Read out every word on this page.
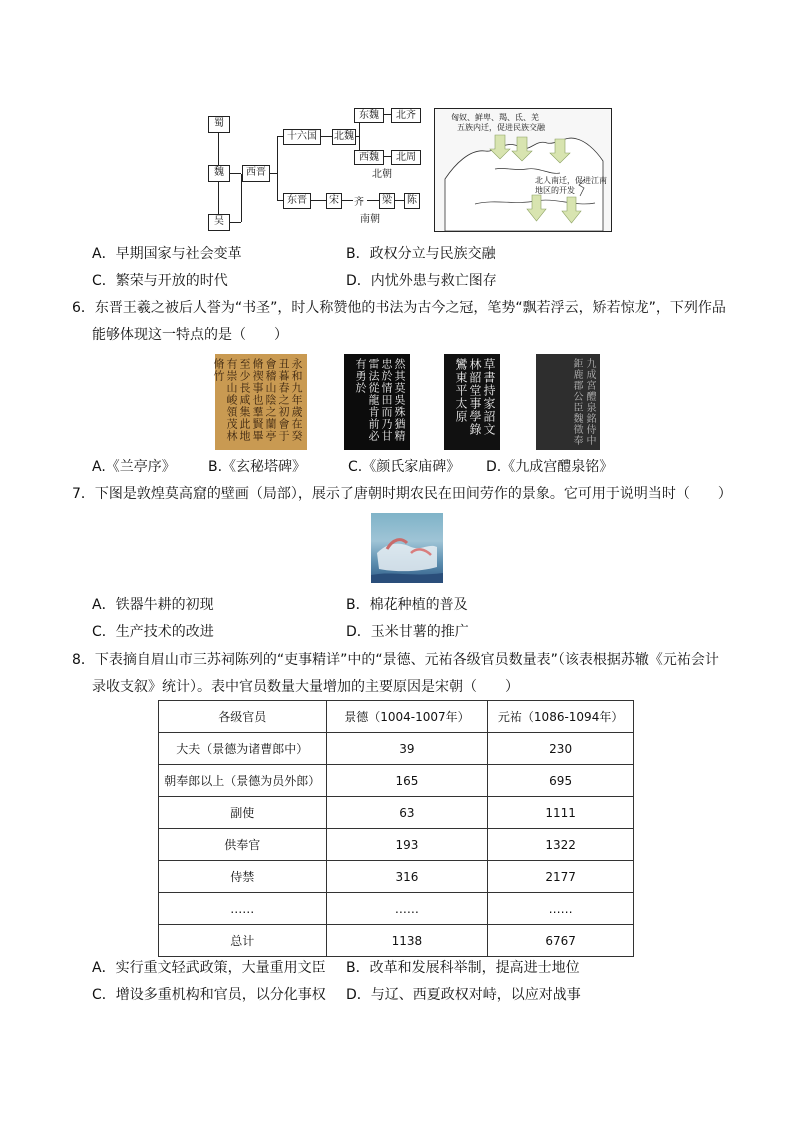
蜀
魏
吴
西晋
十六国	北魏
东魏	北齐
西魏	北周
北朝
东晋	宋	齐	梁	陈
南朝
匈奴、鲜卑、羯、氐、羌
五族内迁，促进民族交融
北人南迁，促进江南
地区的开发
A．早期国家与社会变革	B．政权分立与民族交融
C．繁荣与开放的时代	D．内忧外患与救亡图存
6．东晋王羲之被后人誉为“书圣”，时人称赞他的书法为古今之冠，笔势“飘若浮云，矫若惊龙”，下列作品
能够体现这一特点的是（　　）
永和九年歲在癸丑暮春之初會于會稽山陰之蘭亭脩禊事也羣賢畢至少長咸集此地有崇山峻領茂林脩竹	然其莫吳殊猶精忠於情田而乃甘雷法從龍肯前必有勇於	草書持家詔文林韶堂事學錄鸞東平太原	九成宮醴泉銘侍中鉅鹿郡公臣魏徵奉
A.《兰亭序》 B.《玄秘塔碑》	C.《颜氏家庙碑》 D.《九成宫醴泉铭》
7．下图是敦煌莫高窟的壁画（局部），展示了唐朝时期农民在田间劳作的景象。它可用于说明当时（　　）
A．铁器牛耕的初现	B．棉花种植的普及
C．生产技术的改进	D．玉米甘薯的推广
8．下表摘自眉山市三苏祠陈列的“吏事精详”中的“景德、元祐各级官员数量表”（该表根据苏辙《元祐会计
录收支叙》统计）。表中官员数量大量增加的主要原因是宋朝（　　）
各级官员	景德（1004-1007年）	元祐（1086-1094年）
大夫（景德为诸曹郎中）	39	230
朝奉郎以上（景德为员外郎）	165	695
副使	63	1111
供奉官	193	1322
侍禁	316	2177
……	……	……
总计	1138	6767
A．实行重文轻武政策，大量重用文臣 B．改革和发展科举制，提高进士地位
C．增设多重机构和官员，以分化事权 D．与辽、西夏政权对峙，以应对战事
